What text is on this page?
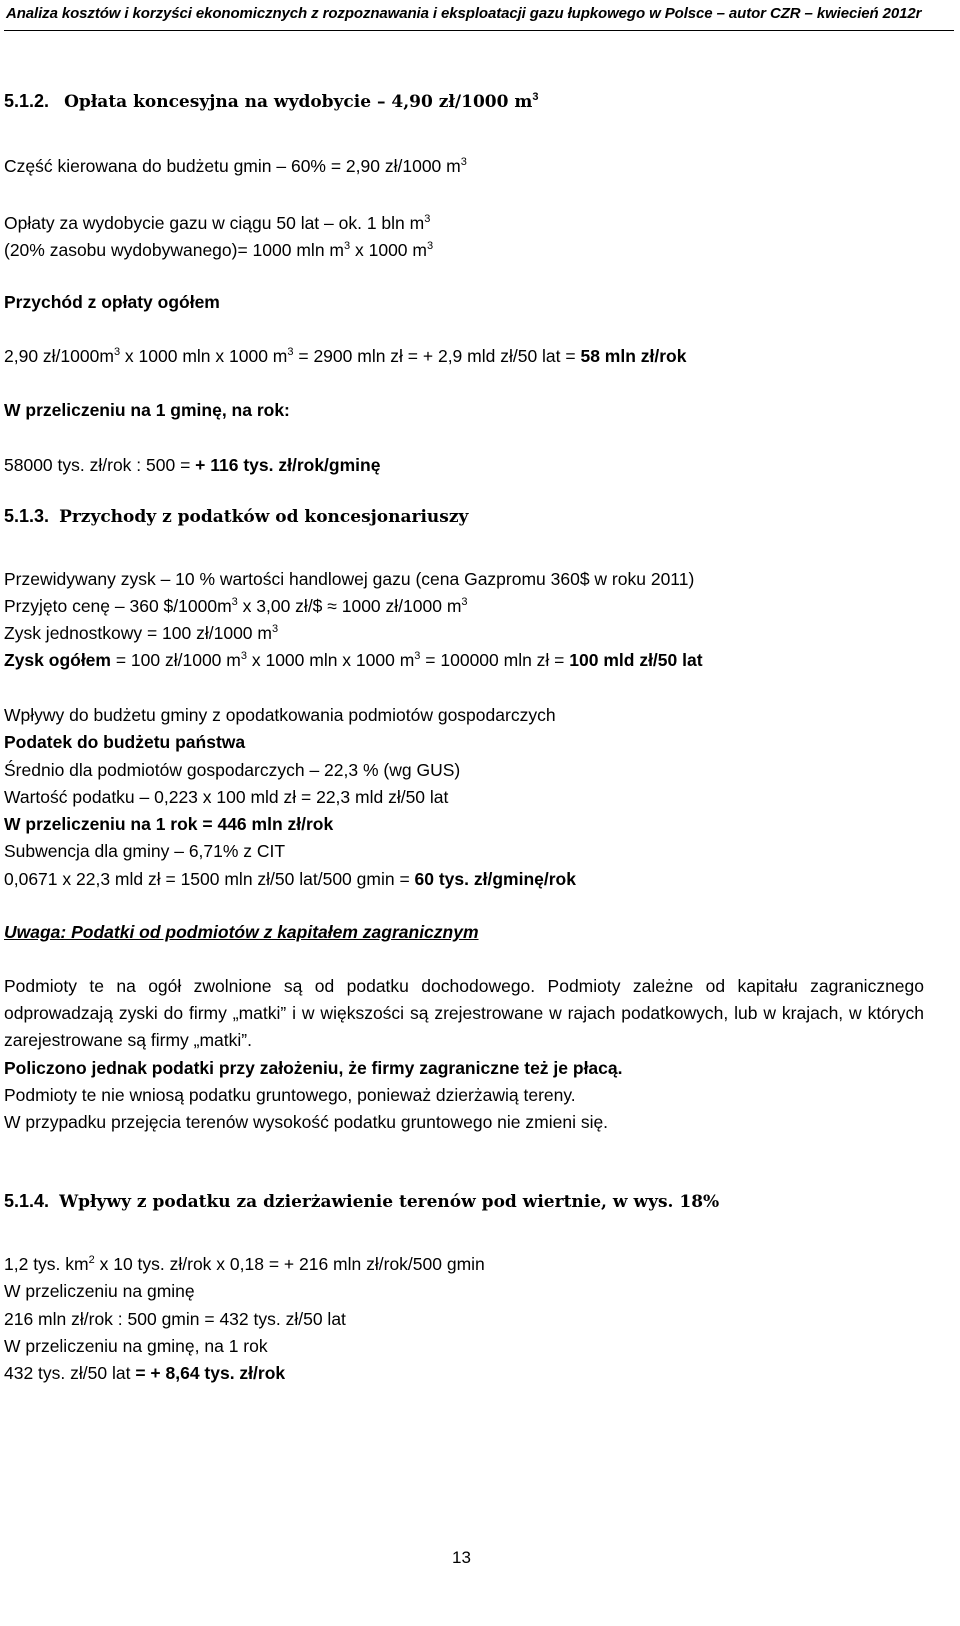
Analiza kosztów i korzyści ekonomicznych z rozpoznawania i eksploatacji gazu łupkowego w Polsce – autor CZR – kwiecień 2012r
5.1.2. Opłata koncesyjna na wydobycie – 4,90 zł/1000 $m^3$
Część kierowana do budżetu gmin – 60% = 2,90 zł/1000 $m^3$
Opłaty za wydobycie gazu w ciągu 50 lat – ok. 1 bln $m^3$
(20% zasobu wydobywanego)= 1000 mln $m^3$ x 1000 $m^3$
Przychód z opłaty ogółem
2,90 $zł/1000m^3$ x 1000 mln x 1000 $m^3 = 2900$ mln zł = + 2,9 mld zł/50 lat = 58 mln zł/rok
W przeliczeniu na 1 gminę, na rok:
58000 tys. zł/rok : 500 = + 116 tys. zł/rok/gminę
5.1.3. Przychody z podatków od koncesjonariuszy
Przewidywany zysk – 10 % wartości handlowej gazu (cena Gazpromu 360$ w roku 2011)
Przyjęto cenę – 360 $\$/1000m^3$ x 3,00 zł/$ ≈ 1000 zł/1000 $m^3$
Zysk jednostkowy = 100 zł/1000 $m^3$
Zysk ogółem = 100 zł/1000 $m^3$ x 1000 mln x 1000 $m^3 = 100000$ mln zł = 100 mld zł/50 lat
Wpływy do budżetu gminy z opodatkowania podmiotów gospodarczych
Podatek do budżetu państwa
Średnio dla podmiotów gospodarczych – 22,3 % (wg GUS)
Wartość podatku – 0,223 x 100 mld zł = 22,3 mld zł/50 lat
W przeliczeniu na 1 rok = 446 mln zł/rok
Subwencja dla gminy – 6,71% z CIT
0,0671 x 22,3 mld zł = 1500 mln zł/50 lat/500 gmin = 60 tys. zł/gminę/rok
Uwaga: Podatki od podmiotów z kapitałem zagranicznym
Podmioty te na ogół zwolnione są od podatku dochodowego. Podmioty zależne od kapitału zagranicznego odprowadzają zyski do firmy „matki” i w większości są zrejestrowane w rajach podatkowych, lub w krajach, w których zarejestrowane są firmy „matki”.
Policzono jednak podatki przy założeniu, że firmy zagraniczne też je płacą.
Podmioty te nie wniosą podatku gruntowego, ponieważ dzierżawią tereny.
W przypadku przejęcia terenów wysokość podatku gruntowego nie zmieni się.
5.1.4. Wpływy z podatku za dzierżawienie terenów pod wiertnie, w wys. 18%
1,2 tys. $km^2$ x 10 tys. zł/rok x 0,18 = + 216 mln zł/rok/500 gmin
W przeliczeniu na gminę
216 mln zł/rok : 500 gmin = 432 tys. zł/50 lat
W przeliczeniu na gminę, na 1 rok
432 tys. zł/50 lat = + 8,64 tys. zł/rok
13
